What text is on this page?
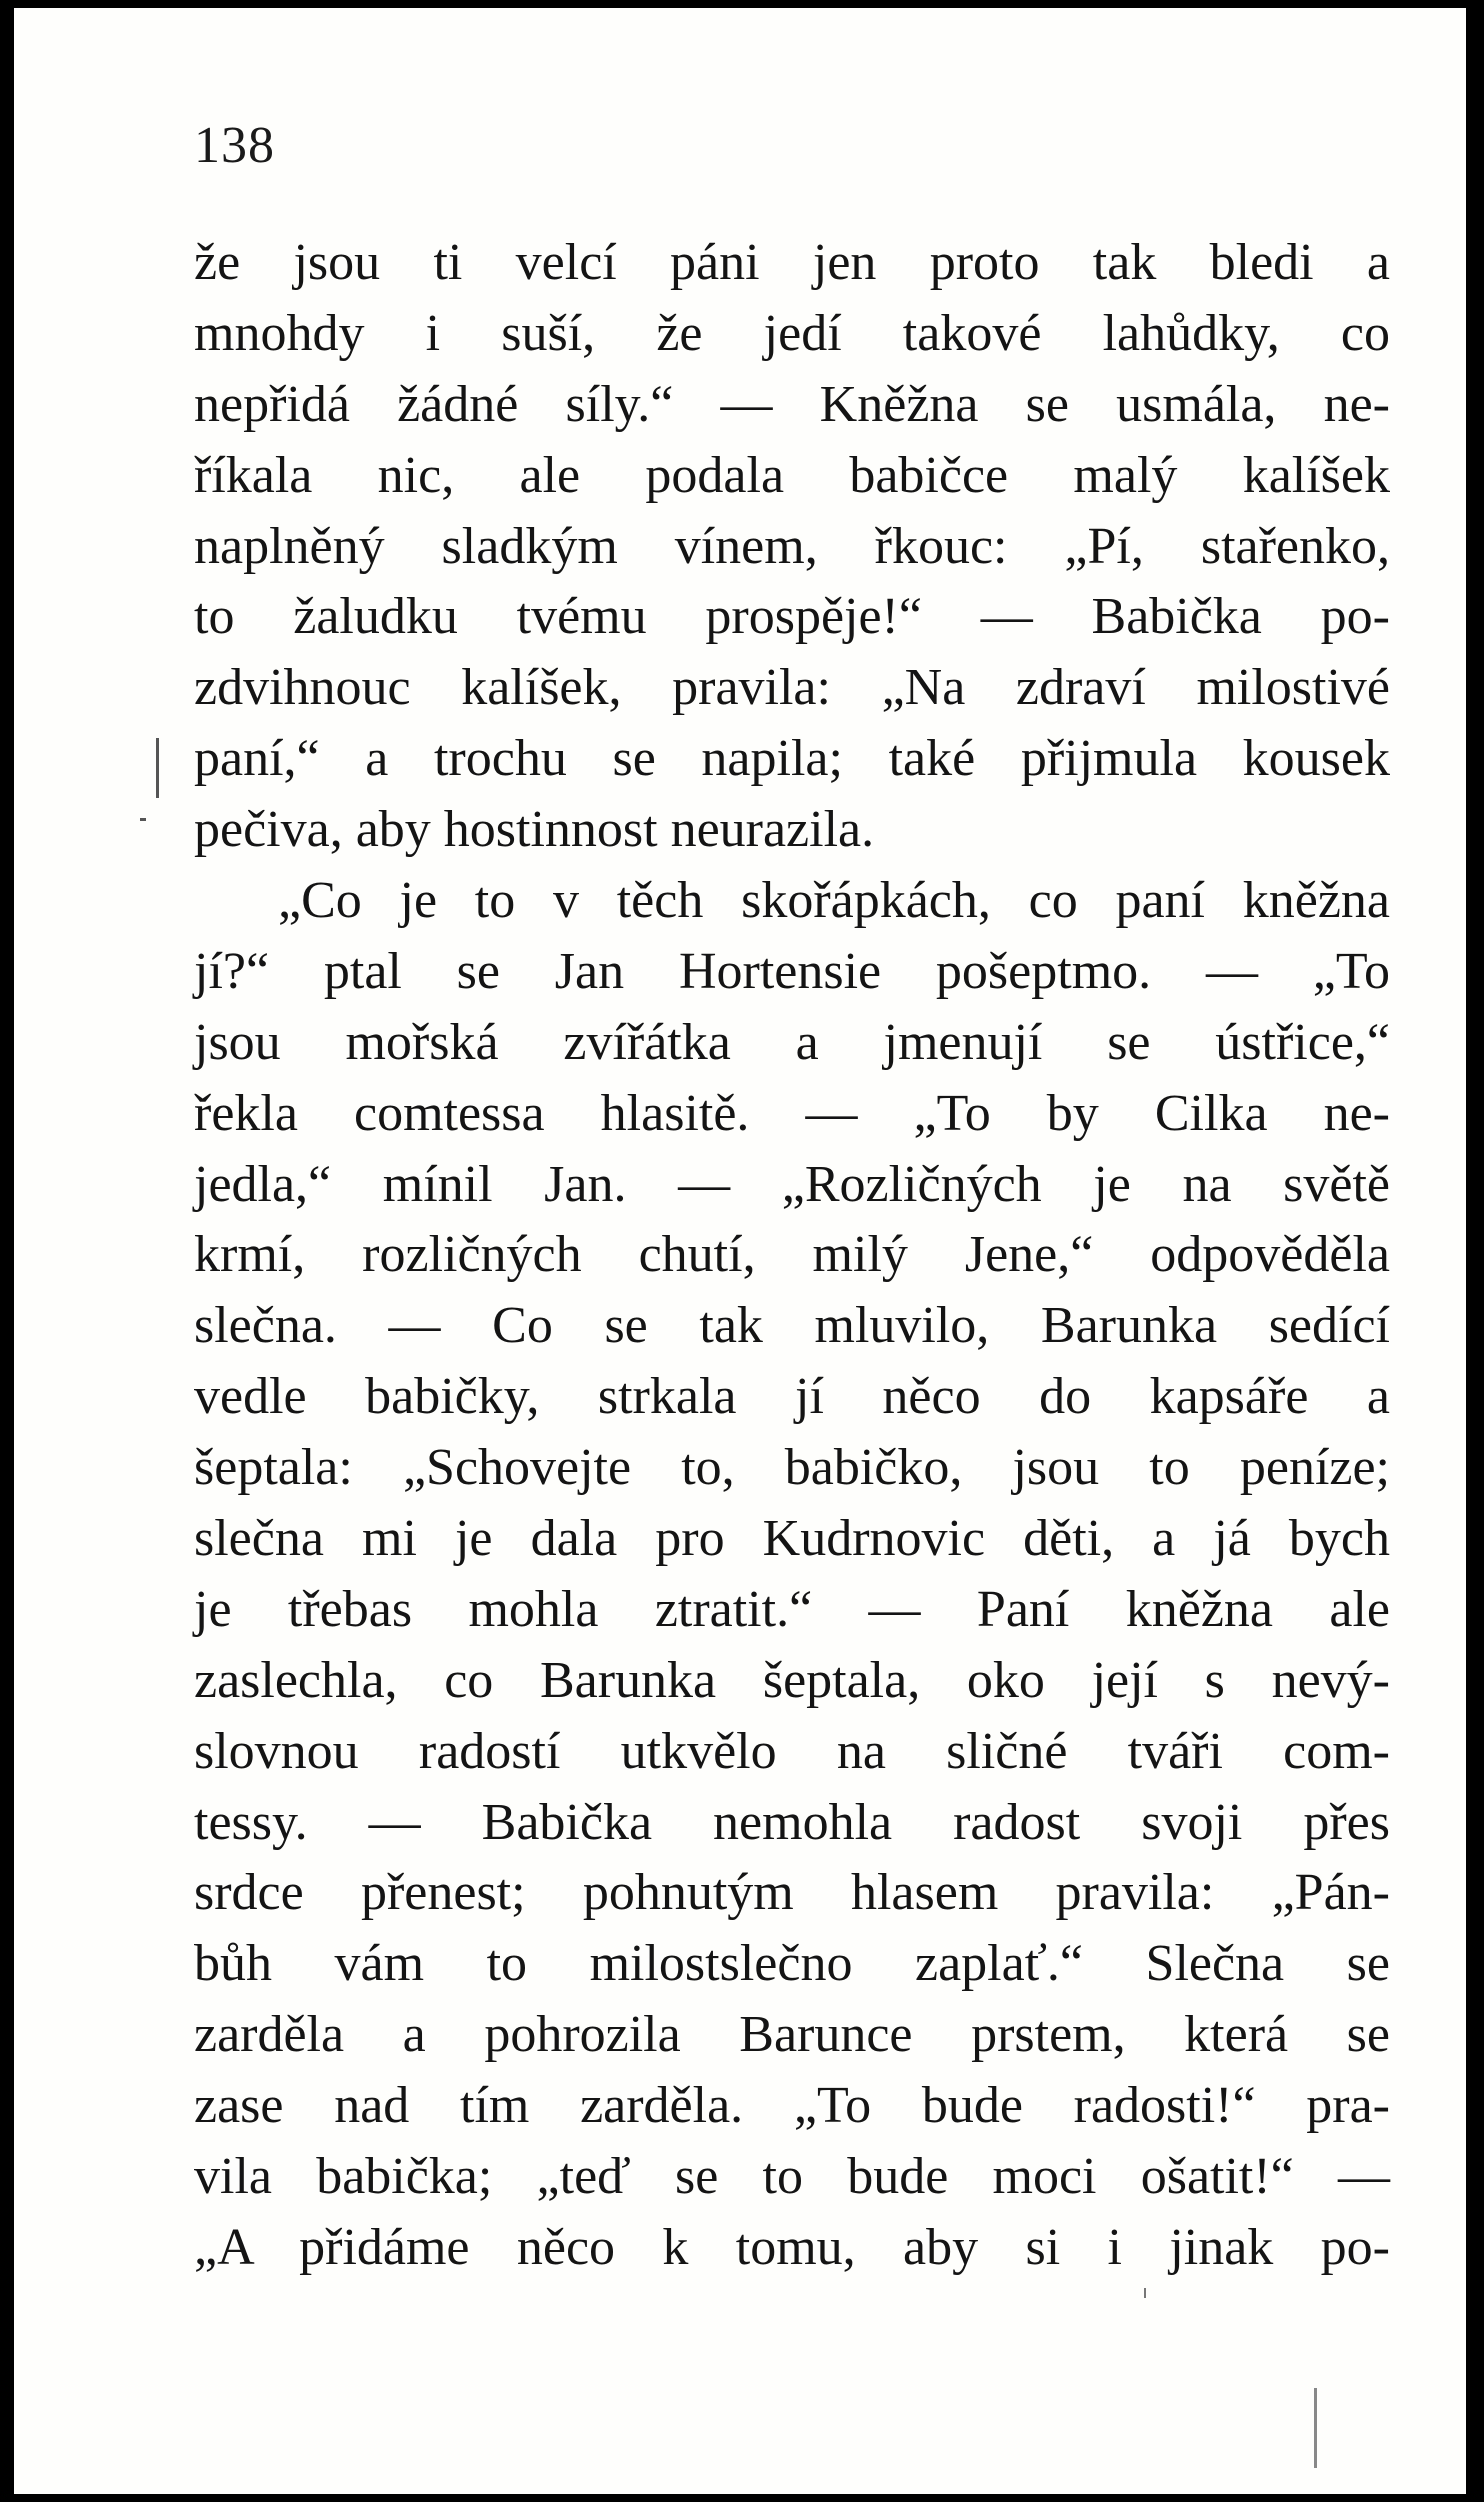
138
že jsou ti velcí páni jen proto tak bledi a
mnohdy i suší, že jedí takové lahůdky, co
nepřidá žádné síly.“ — Kněžna se usmála, ne-
říkala nic, ale podala babičce malý kalíšek
naplněný sladkým vínem, řkouc: „Pí, stařenko,
to žaludku tvému prospěje!“ — Babička po-
zdvihnouc kalíšek, pravila: „Na zdraví milostivé
paní,“ a trochu se napila; také přijmula kousek
pečiva, aby hostinnost neurazila.
„Co je to v těch skořápkách, co paní kněžna
jí?“ ptal se Jan Hortensie pošeptmo. — „To
jsou mořská zvířátka a jmenují se ústřice,“
řekla comtessa hlasitě. — „To by Cilka ne-
jedla,“ mínil Jan. — „Rozličných je na světě
krmí, rozličných chutí, milý Jene,“ odpověděla
slečna. — Co se tak mluvilo, Barunka sedící
vedle babičky, strkala jí něco do kapsáře a
šeptala: „Schovejte to, babičko, jsou to peníze;
slečna mi je dala pro Kudrnovic děti, a já bych
je třebas mohla ztratit.“ — Paní kněžna ale
zaslechla, co Barunka šeptala, oko její s nevý-
slovnou radostí utkvělo na sličné tváři com-
tessy. — Babička nemohla radost svoji přes
srdce přenest; pohnutým hlasem pravila: „Pán-
bůh vám to milostslečno zaplať.“ Slečna se
zarděla a pohrozila Barunce prstem, která se
zase nad tím zarděla. „To bude radosti!“ pra-
vila babička; „teď se to bude moci ošatit!“ —
„A přidáme něco k tomu, aby si i jinak po-
